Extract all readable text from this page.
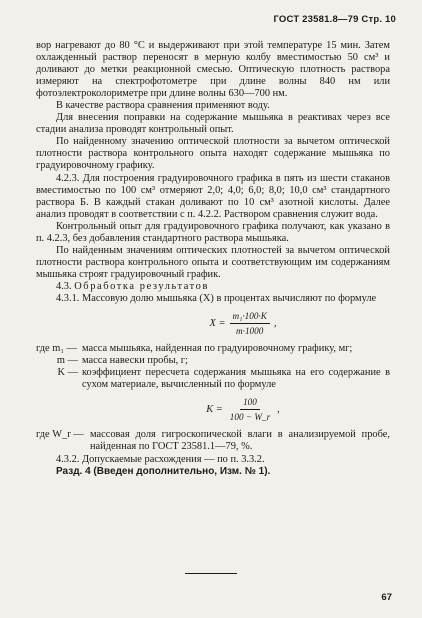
ГОСТ 23581.8—79 Стр. 10

вор нагревают до 80 °С и выдерживают при этой температуре 15 мин. Затем охлажденный раствор переносят в мерную колбу вместимостью 50 см³ и доливают до метки реакционной смесью. Оптическую плотность раствора измеряют на спектрофотометре при длине волны 840 нм или фотоэлектроколориметре при длине волны 630—700 нм.

В качестве раствора сравнения применяют воду.

Для внесения поправки на содержание мышьяка в реактивах через все стадии анализа проводят контрольный опыт.

По найденному значению оптической плотности за вычетом оптической плотности раствора контрольного опыта находят содержание мышьяка по градуировочному графику.

4.2.3. Для построения градуировочного графика в пять из шести стаканов вместимостью по 100 см³ отмеряют 2,0; 4,0; 6,0; 8,0; 10,0 см³ стандартного раствора Б. В каждый стакан доливают по 10 см³ азотной кислоты. Далее анализ проводят в соответствии с п. 4.2.2. Раствором сравнения служит вода.

Контрольный опыт для градуировочного графика получают, как указано в п. 4.2.3, без добавления стандартного раствора мышьяка.

По найденным значениям оптических плотностей за вычетом оптической плотности раствора контрольного опыта и соответствующим им содержаниям мышьяка строят градуировочный график.

4.3. Обработка результатов

4.3.1. Массовую долю мышьяка (X) в процентах вычисляют по формуле

$X = \frac{\text{m₁·100·K}}{m\cdot 1000}$ ,
где m₁ — масса мышьяка, найденная по градуировочному графику, мг;
m — масса навески пробы, г;
K — коэффициент пересчета содержания мышьяка на его содержание в сухом материале, вычисленный по формуле
$K = \frac{100}{100 - W\_r}$ ,
где W_r — массовая доля гигроскопической влаги в анализируемой пробе, найденная по ГОСТ 23581.1—79, %.

4.3.2. Допускаемые расхождения — по п. 3.3.2.

Разд. 4 (Введен дополнительно, Изм. № 1).

67
